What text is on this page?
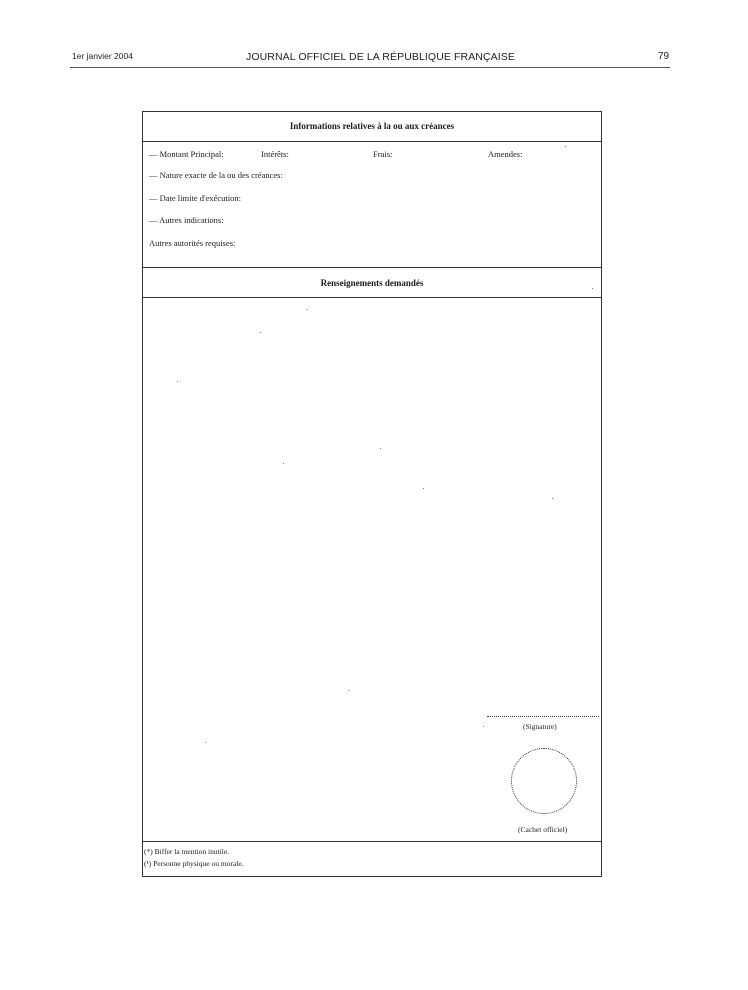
1er janvier 2004	JOURNAL OFFICIEL DE LA RÉPUBLIQUE FRANÇAISE	79
Informations relatives à la ou aux créances
— Montant Principal:	Intérêts:	Frais:	Amendes:
— Nature exacte de la ou des créances:
— Date limite d'exécution:
— Autres indications:
Autres autorités requises:
Renseignements demandés
(Signature)
(Cachet officiel)
(*) Biffer la mention inutile.
(¹) Personne physique ou morale.
